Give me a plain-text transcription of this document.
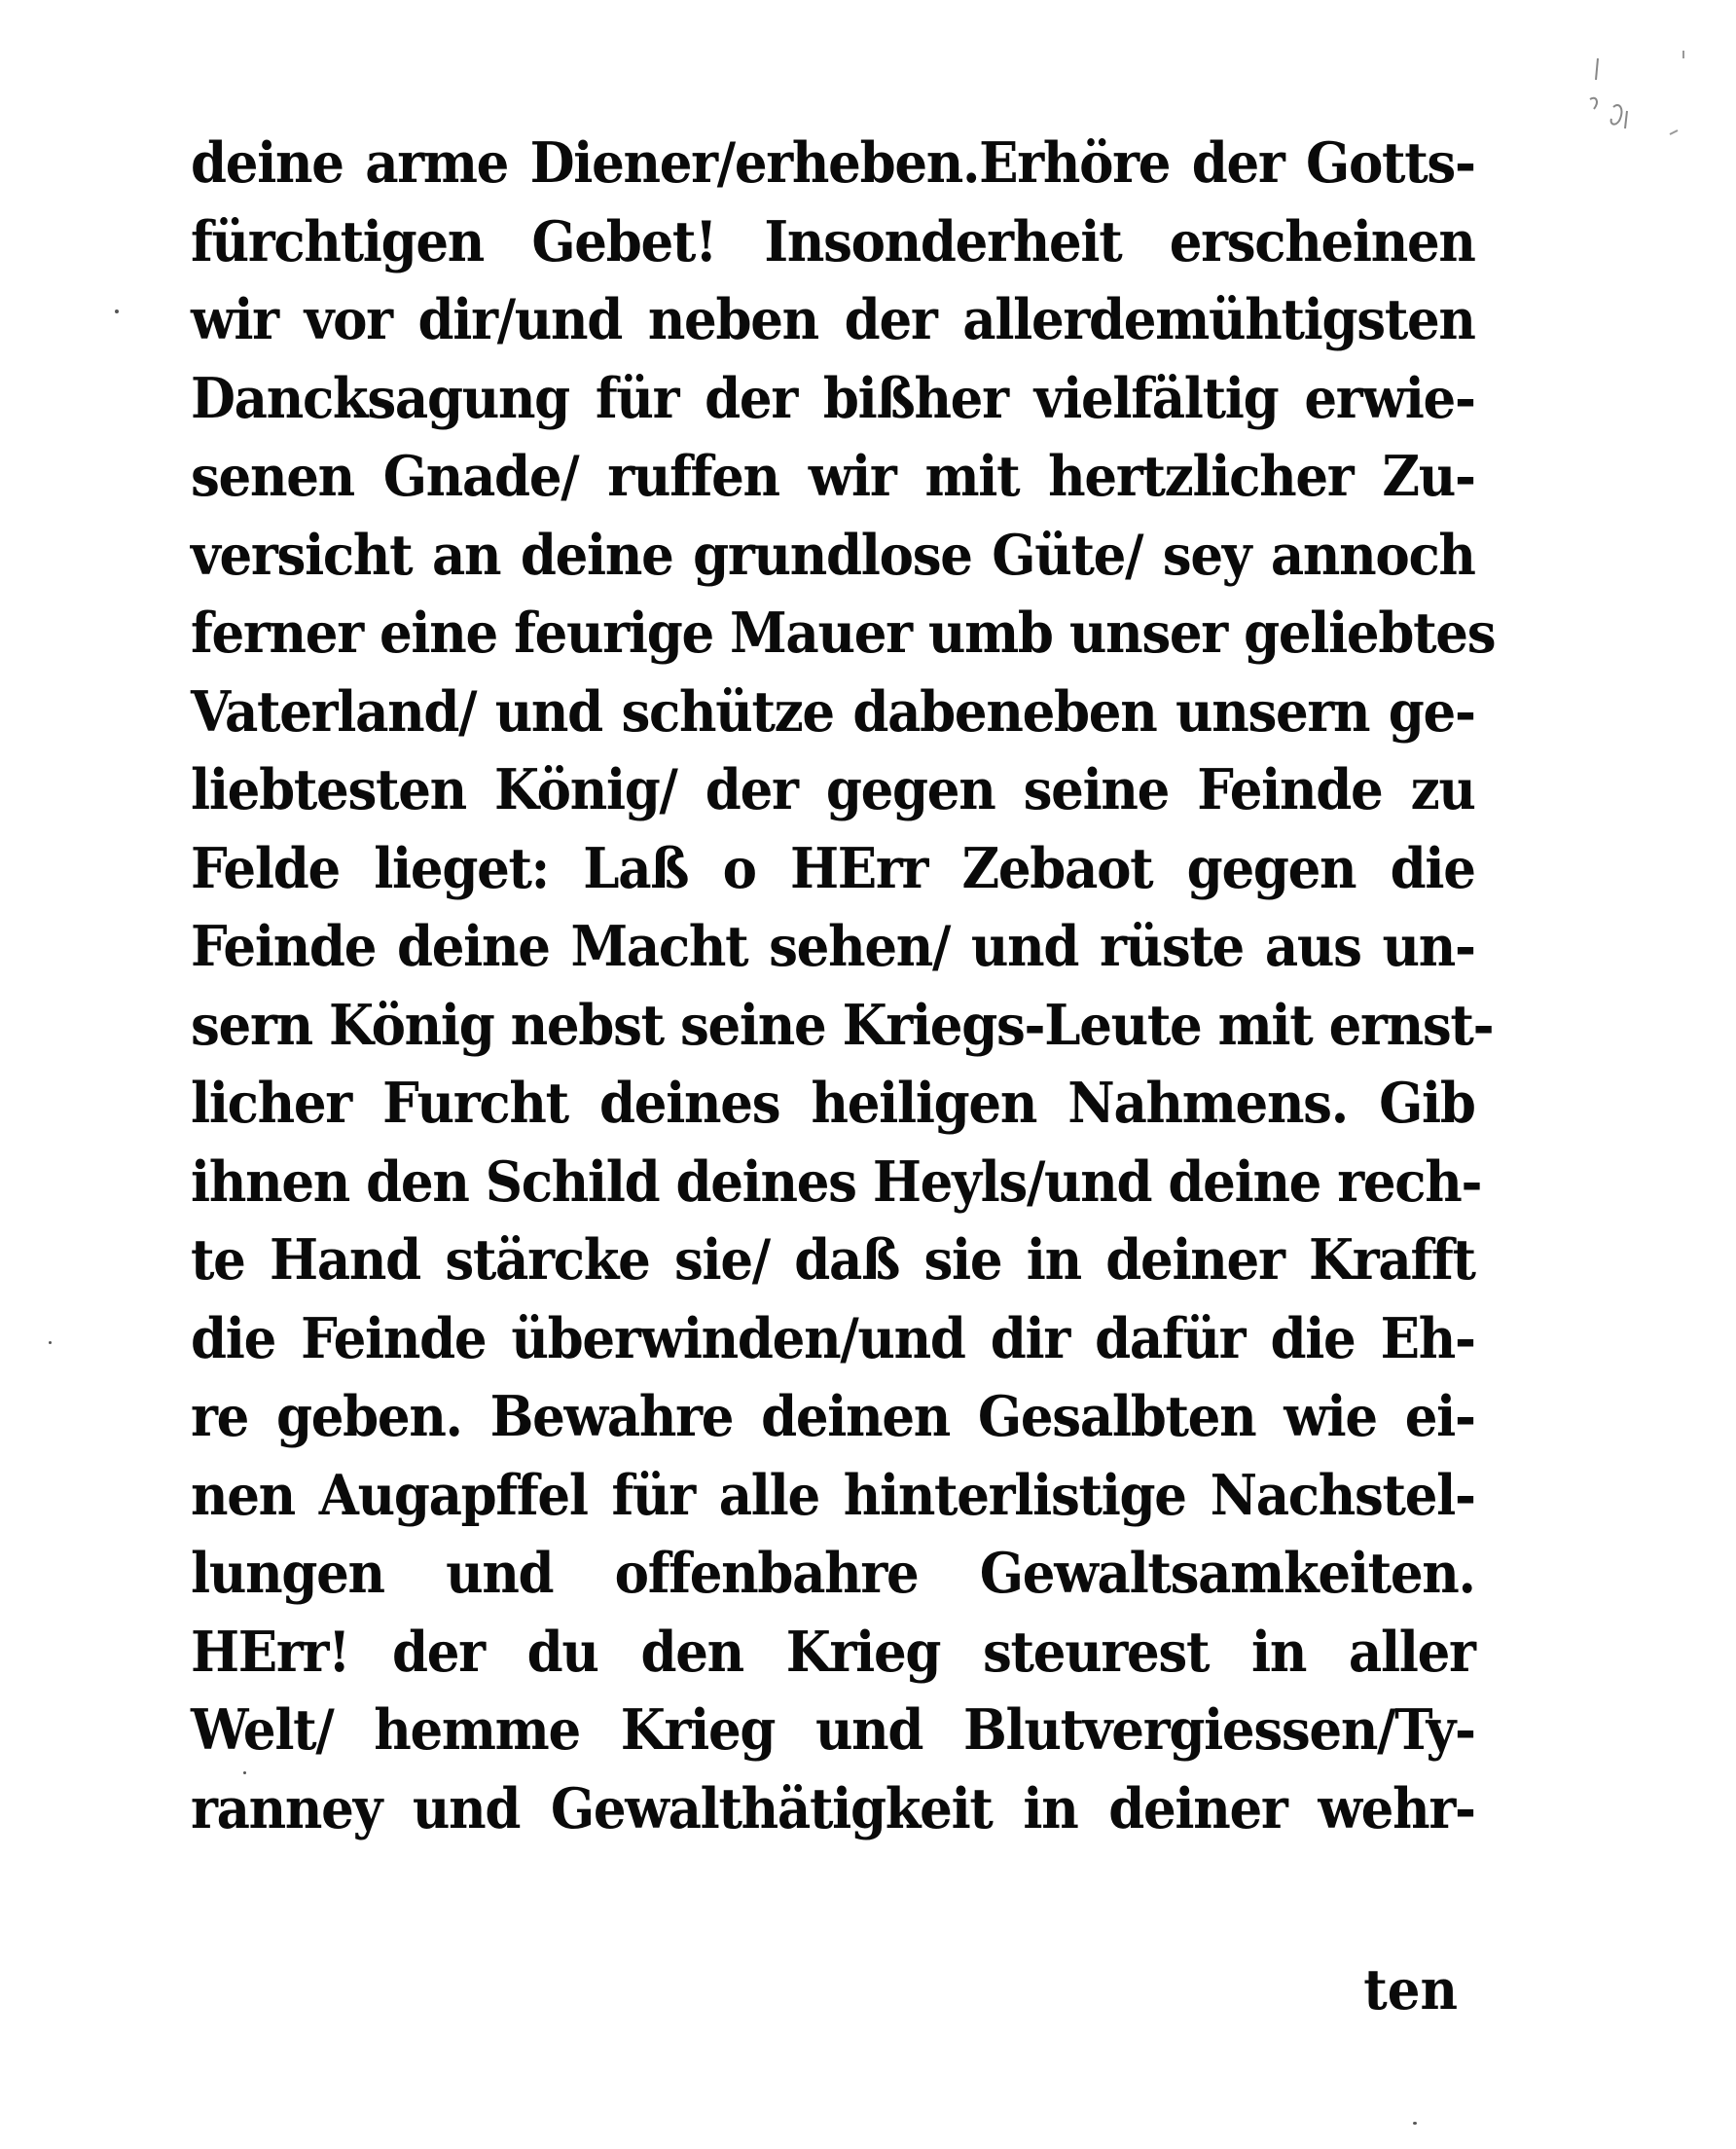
deine arme Diener/erheben.Erhöre der Gotts-
fürchtigen Gebet! Insonderheit erscheinen
wir vor dir/und neben der allerdemühtigsten
Dancksagung für der bißher vielfältig erwie-
senen Gnade/ ruffen wir mit hertzlicher Zu-
versicht an deine grundlose Güte/ sey annoch
ferner eine feurige Mauer umb unser geliebtes
Vaterland/ und schütze dabeneben unsern ge-
liebtesten König/ der gegen seine Feinde zu
Felde lieget: Laß o HErr Zebaot gegen die
Feinde deine Macht sehen/ und rüste aus un-
sern König nebst seine Kriegs-Leute mit ernst-
licher Furcht deines heiligen Nahmens. Gib
ihnen den Schild deines Heyls/und deine rech-
te Hand stärcke sie/ daß sie in deiner Krafft
die Feinde überwinden/und dir dafür die Eh-
re geben. Bewahre deinen Gesalbten wie ei-
nen Augapffel für alle hinterlistige Nachstel-
lungen und offenbahre Gewaltsamkeiten.
HErr! der du den Krieg steurest in aller
Welt/ hemme Krieg und Blutvergiessen/Ty-
ranney und Gewalthätigkeit in deiner wehr-
ten
